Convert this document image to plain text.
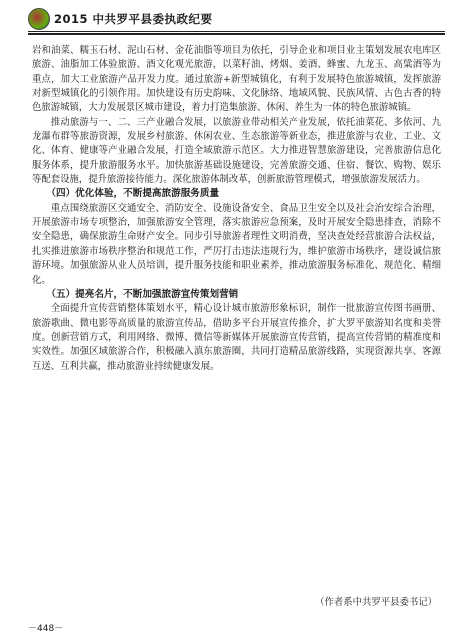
2015 中共罗平县委执政纪要

岩和油菜、糯玉石材、泥山石材、金花油脂等项目为依托，引导企业和项目业主策划发展农电库区旅游、油脂加工体验旅游、酒文化观光旅游，以菜籽油、烤烟、姜酒、蜂蜜、九龙玉、高粱酒等为重点，加大工业旅游产品开发力度。通过旅游+新型城镇化，有利于发展特色旅游城镇，发挥旅游对新型城镇化的引领作用。加快建设有历史韵味、文化脉络、地域风貌、民族风情、古色古香的特色旅游城镇，大力发展景区城市建设，着力打造集旅游、休闲、养生为一体的特色旅游城镇。

推动旅游与一、二、三产业融合发展，以旅游业带动相关产业发展，依托油菜花、多依河、九龙瀑布群等旅游资源，发展乡村旅游、休闲农业、生态旅游等新业态，推进旅游与农业、工业、文化、体育、健康等产业融合发展，打造全域旅游示范区。大力推进智慧旅游建设，完善旅游信息化服务体系，提升旅游服务水平。加快旅游基础设施建设，完善旅游交通、住宿、餐饮、购物、娱乐等配套设施，提升旅游接待能力。深化旅游体制改革，创新旅游管理模式，增强旅游发展活力。

（四）优化体验，不断提高旅游服务质量

重点围绕旅游区交通安全、消防安全、设施设备安全、食品卫生安全以及社会治安综合治理，开展旅游市场专项整治，加强旅游安全管理，落实旅游应急预案，及时开展安全隐患排查，消除不安全隐患，确保旅游生命财产安全。同步引导旅游者理性文明消费，坚决查处经营旅游合法权益，扎实推进旅游市场秩序整治和规范工作，严厉打击违法违规行为，维护旅游市场秩序，建设诚信旅游环境。加强旅游从业人员培训，提升服务技能和职业素养，推动旅游服务标准化、规范化、精细化。

（五）提亮名片，不断加强旅游宣传策划营销

全面提升宣传营销整体策划水平，精心设计城市旅游形象标识，制作一批旅游宣传图书画册、旅游歌曲、微电影等高质量的旅游宣传品，借助多平台开展宣传推介，扩大罗平旅游知名度和美誉度。创新营销方式，利用网络、微博、微信等新媒体开展旅游宣传营销，提高宣传营销的精准度和实效性。加强区域旅游合作，积极融入滇东旅游圈，共同打造精品旅游线路，实现资源共享、客源互送、互利共赢，推动旅游业持续健康发展。

（作者系中共罗平县委书记）
－448－
